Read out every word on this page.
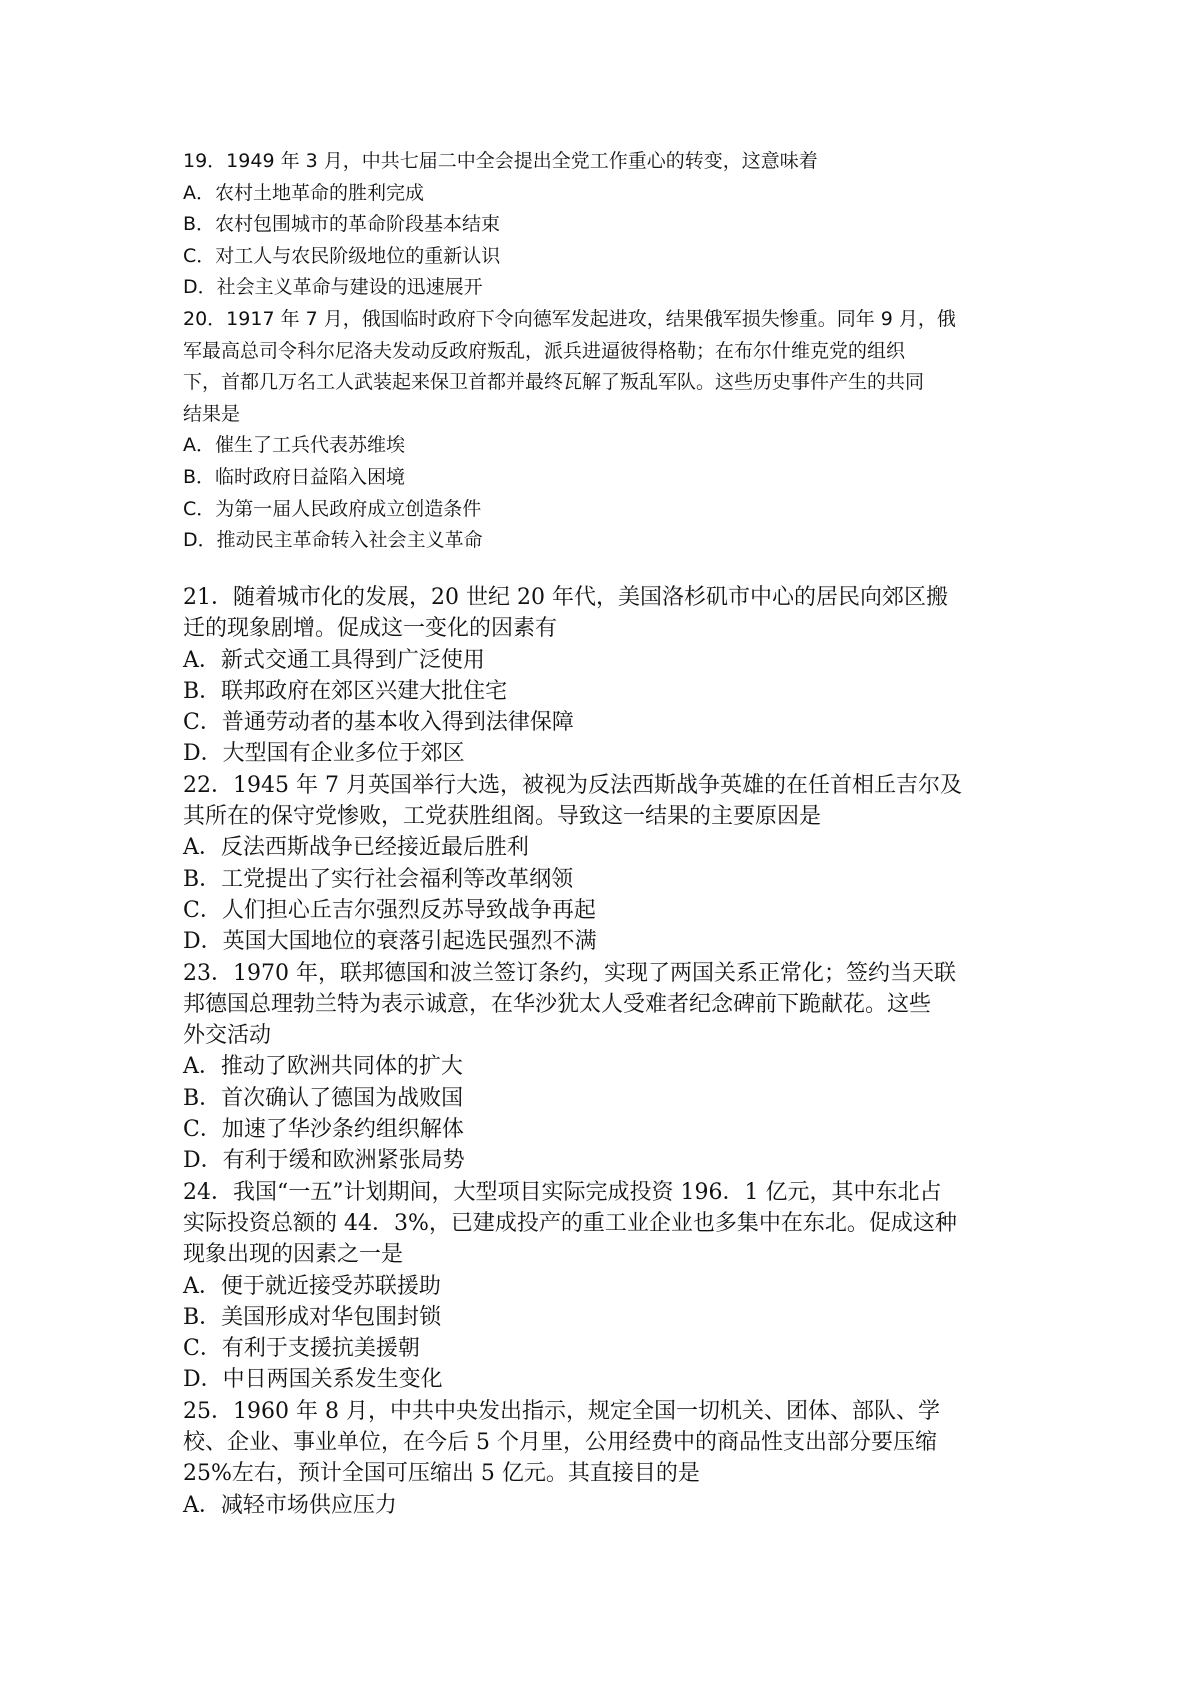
19．1949 年 3 月，中共七届二中全会提出全党工作重心的转变，这意味着

A．农村土地革命的胜利完成

B．农村包围城市的革命阶段基本结束

C．对工人与农民阶级地位的重新认识

D．社会主义革命与建设的迅速展开

20．1917 年 7 月，俄国临时政府下令向德军发起进攻，结果俄军损失惨重。同年 9 月，俄

军最高总司令科尔尼洛夫发动反政府叛乱，派兵进逼彼得格勒；在布尔什维克党的组织

下，首都几万名工人武装起来保卫首都并最终瓦解了叛乱军队。这些历史事件产生的共同

结果是

A．催生了工兵代表苏维埃

B．临时政府日益陷入困境

C．为第一届人民政府成立创造条件

D．推动民主革命转入社会主义革命

21．随着城市化的发展，20 世纪 20 年代，美国洛杉矶市中心的居民向郊区搬

迁的现象剧增。促成这一变化的因素有

A．新式交通工具得到广泛使用

B．联邦政府在郊区兴建大批住宅

C．普通劳动者的基本收入得到法律保障

D．大型国有企业多位于郊区

22．1945 年 7 月英国举行大选，被视为反法西斯战争英雄的在任首相丘吉尔及

其所在的保守党惨败，工党获胜组阁。导致这一结果的主要原因是

A．反法西斯战争已经接近最后胜利

B．工党提出了实行社会福利等改革纲领

C．人们担心丘吉尔强烈反苏导致战争再起

D．英国大国地位的衰落引起选民强烈不满

23．1970 年，联邦德国和波兰签订条约，实现了两国关系正常化；签约当天联

邦德国总理勃兰特为表示诚意，在华沙犹太人受难者纪念碑前下跪献花。这些

外交活动

A．推动了欧洲共同体的扩大

B．首次确认了德国为战败国

C．加速了华沙条约组织解体

D．有利于缓和欧洲紧张局势

24．我国“一五”计划期间，大型项目实际完成投资 196．1 亿元，其中东北占

实际投资总额的 44．3%，已建成投产的重工业企业也多集中在东北。促成这种

现象出现的因素之一是

A．便于就近接受苏联援助

B．美国形成对华包围封锁

C．有利于支援抗美援朝

D．中日两国关系发生变化

25．1960 年 8 月，中共中央发出指示，规定全国一切机关、团体、部队、学

校、企业、事业单位，在今后 5 个月里，公用经费中的商品性支出部分要压缩

25%左右，预计全国可压缩出 5 亿元。其直接目的是

A．减轻市场供应压力
